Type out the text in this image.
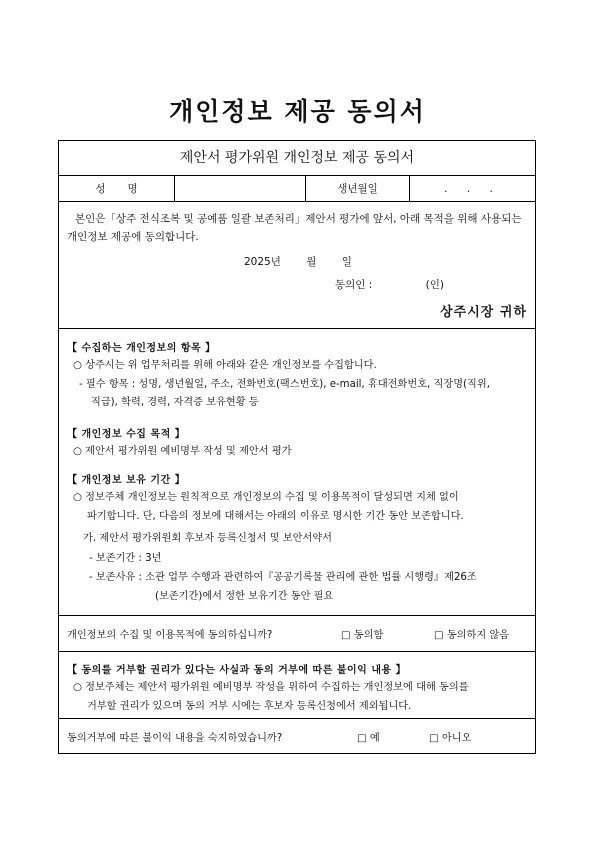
개인정보 제공 동의서
제안서 평가위원 개인정보 제공 동의서
성명	생년월일	. . .
본인은「상주 전식조복 및 공예품 일괄 보존처리」제안서 평가에 앞서, 아래 목적을 위해 사용되는 개인정보 제공에 동의합니다.
2025년 월 일
동의인 :	(인)
상주시장 귀하
【 수집하는 개인정보의 항목 】
○ 상주시는 위 업무처리를 위해 아래와 같은 개인정보를 수집합니다.
- 필수 항목 : 성명, 생년월일, 주소, 전화번호(팩스번호), e-mail, 휴대전화번호, 직장명(직위,
직급), 학력, 경력, 자격증 보유현황 등
【 개인정보 수집 목적 】
○ 제안서 평가위원 예비명부 작성 및 제안서 평가
【 개인정보 보유 기간 】
○ 정보주체 개인정보는 원칙적으로 개인정보의 수집 및 이용목적이 달성되면 지체 없이
파기합니다. 단, 다음의 정보에 대해서는 아래의 이유로 명시한 기간 동안 보존합니다.
가. 제안서 평가위원회 후보자 등록신청서 및 보안서약서
- 보존기간 : 3년
- 보존사유 : 소관 업무 수행과 관련하여『공공기록물 관리에 관한 법률 시행령』제26조
(보존기간)에서 정한 보유기간 동안 필요
개인정보의 수집 및 이용목적에 동의하십니까?	□ 동의함	□ 동의하지 않음
【 동의를 거부할 권리가 있다는 사실과 동의 거부에 따른 불이익 내용 】
○ 정보주체는 제안서 평가위원 예비명부 작성을 위하여 수집하는 개인정보에 대해 동의를
거부할 권리가 있으며 동의 거부 시에는 후보자 등록신청에서 제외됩니다.
동의거부에 따른 불이익 내용을 숙지하였습니까?	□ 예	□ 아니오
